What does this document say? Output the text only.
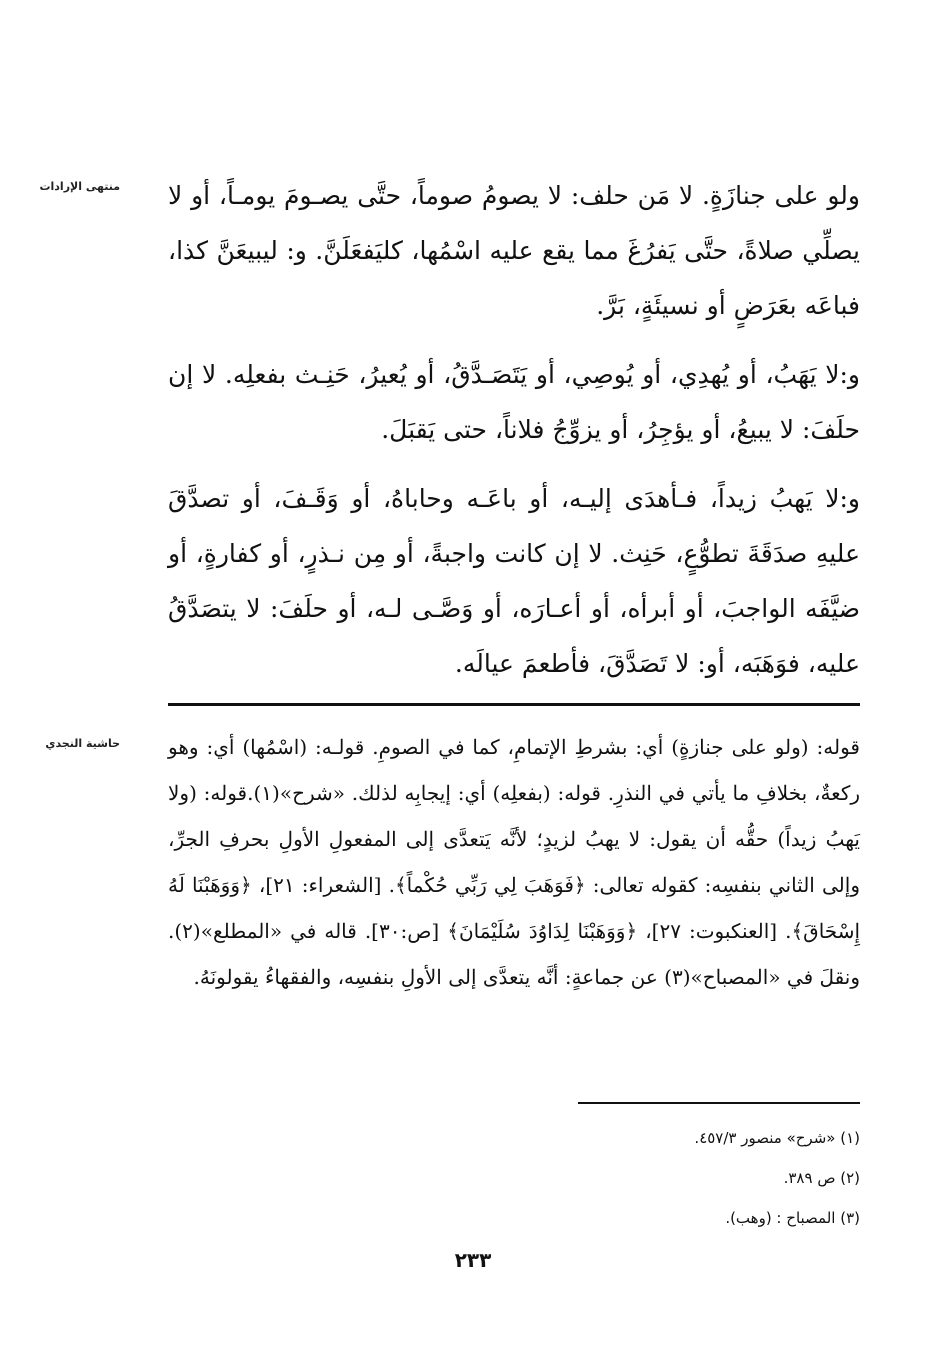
منتهى الإرادات ولو على جنازَةٍ. لا مَن حلف: لا يصومُ صوماً، حتَّى يصـومَ يومـاً، أو لا يصلِّي صلاةً، حتَّى يَفرُغَ مما يقع عليه اسْمُها، كليَفعَلَنَّ. و: ليبيعَنَّ كذا، فباعَه بعَرَضٍ أو نسيئَةٍ، بَرَّ.

و:لا يَهَبُ، أو يُهدِي، أو يُوصِي، أو يَتَصَـدَّقُ، أو يُعيرُ، حَنِـث بفعلِه. لا إن حلَفَ: لا يبيعُ، أو يؤجِرُ، أو يزوِّجُ فلاناً، حتى يَقبَلَ.

و:لا يَهبُ زيداً، فـأهدَى إليـه، أو باعَـه وحاباهُ، أو وَقَـفَ، أو تصدَّقَ عليهِ صدَقَةَ تطوُّعٍ، حَنِث. لا إن كانت واجبةً، أو مِن نـذرٍ، أو كفارةٍ، أو ضيَّفَه الواجبَ، أو أبرأه، أو أعـارَه، أو وَصَّـى لـه، أو حلَفَ: لا يتصَدَّقُ عليه، فوَهَبَه، أو: لا تَصَدَّقَ، فأطعمَ عيالَه.

حاشية النجدي قوله: (ولو على جنازةٍ) أي: بشرطِ الإتمامِ، كما في الصومِ. قولـه: (اسْمُها) أي: وهو ركعةٌ، بخلافِ ما يأتي في النذرِ. قوله: (بفعلِه) أي: إيجابِه لذلك. «شرح»(١).قوله: (ولا يَهبُ زيداً) حقُّه أن يقول: لا يهبُ لزيدٍ؛ لأنَّه يَتعدَّى إلى المفعولِ الأولِ بحرفِ الجرِّ، وإلى الثاني بنفسِه: كقوله تعالى: ﴿فَوَهَبَ لِي رَبِّي حُكْماً﴾. [الشعراء: ٢١]، ﴿وَوَهَبْنَا لَهُ إِسْحَاقَ﴾. [العنكبوت: ٢٧]، ﴿وَوَهَبْنَا لِدَاوُدَ سُلَيْمَانَ﴾ [ص:٣٠]. قاله في «المطلع»(٢). ونقلَ في «المصباح»(٣) عن جماعةٍ: أنَّه يتعدَّى إلى الأولِ بنفسِه، والفقهاءُ يقولونَهُ.

(١) «شرح» منصور ٤٥٧/٣.
(٢) ص ٣٨٩.
(٣) المصباح : (وهب).
٢٣٣
